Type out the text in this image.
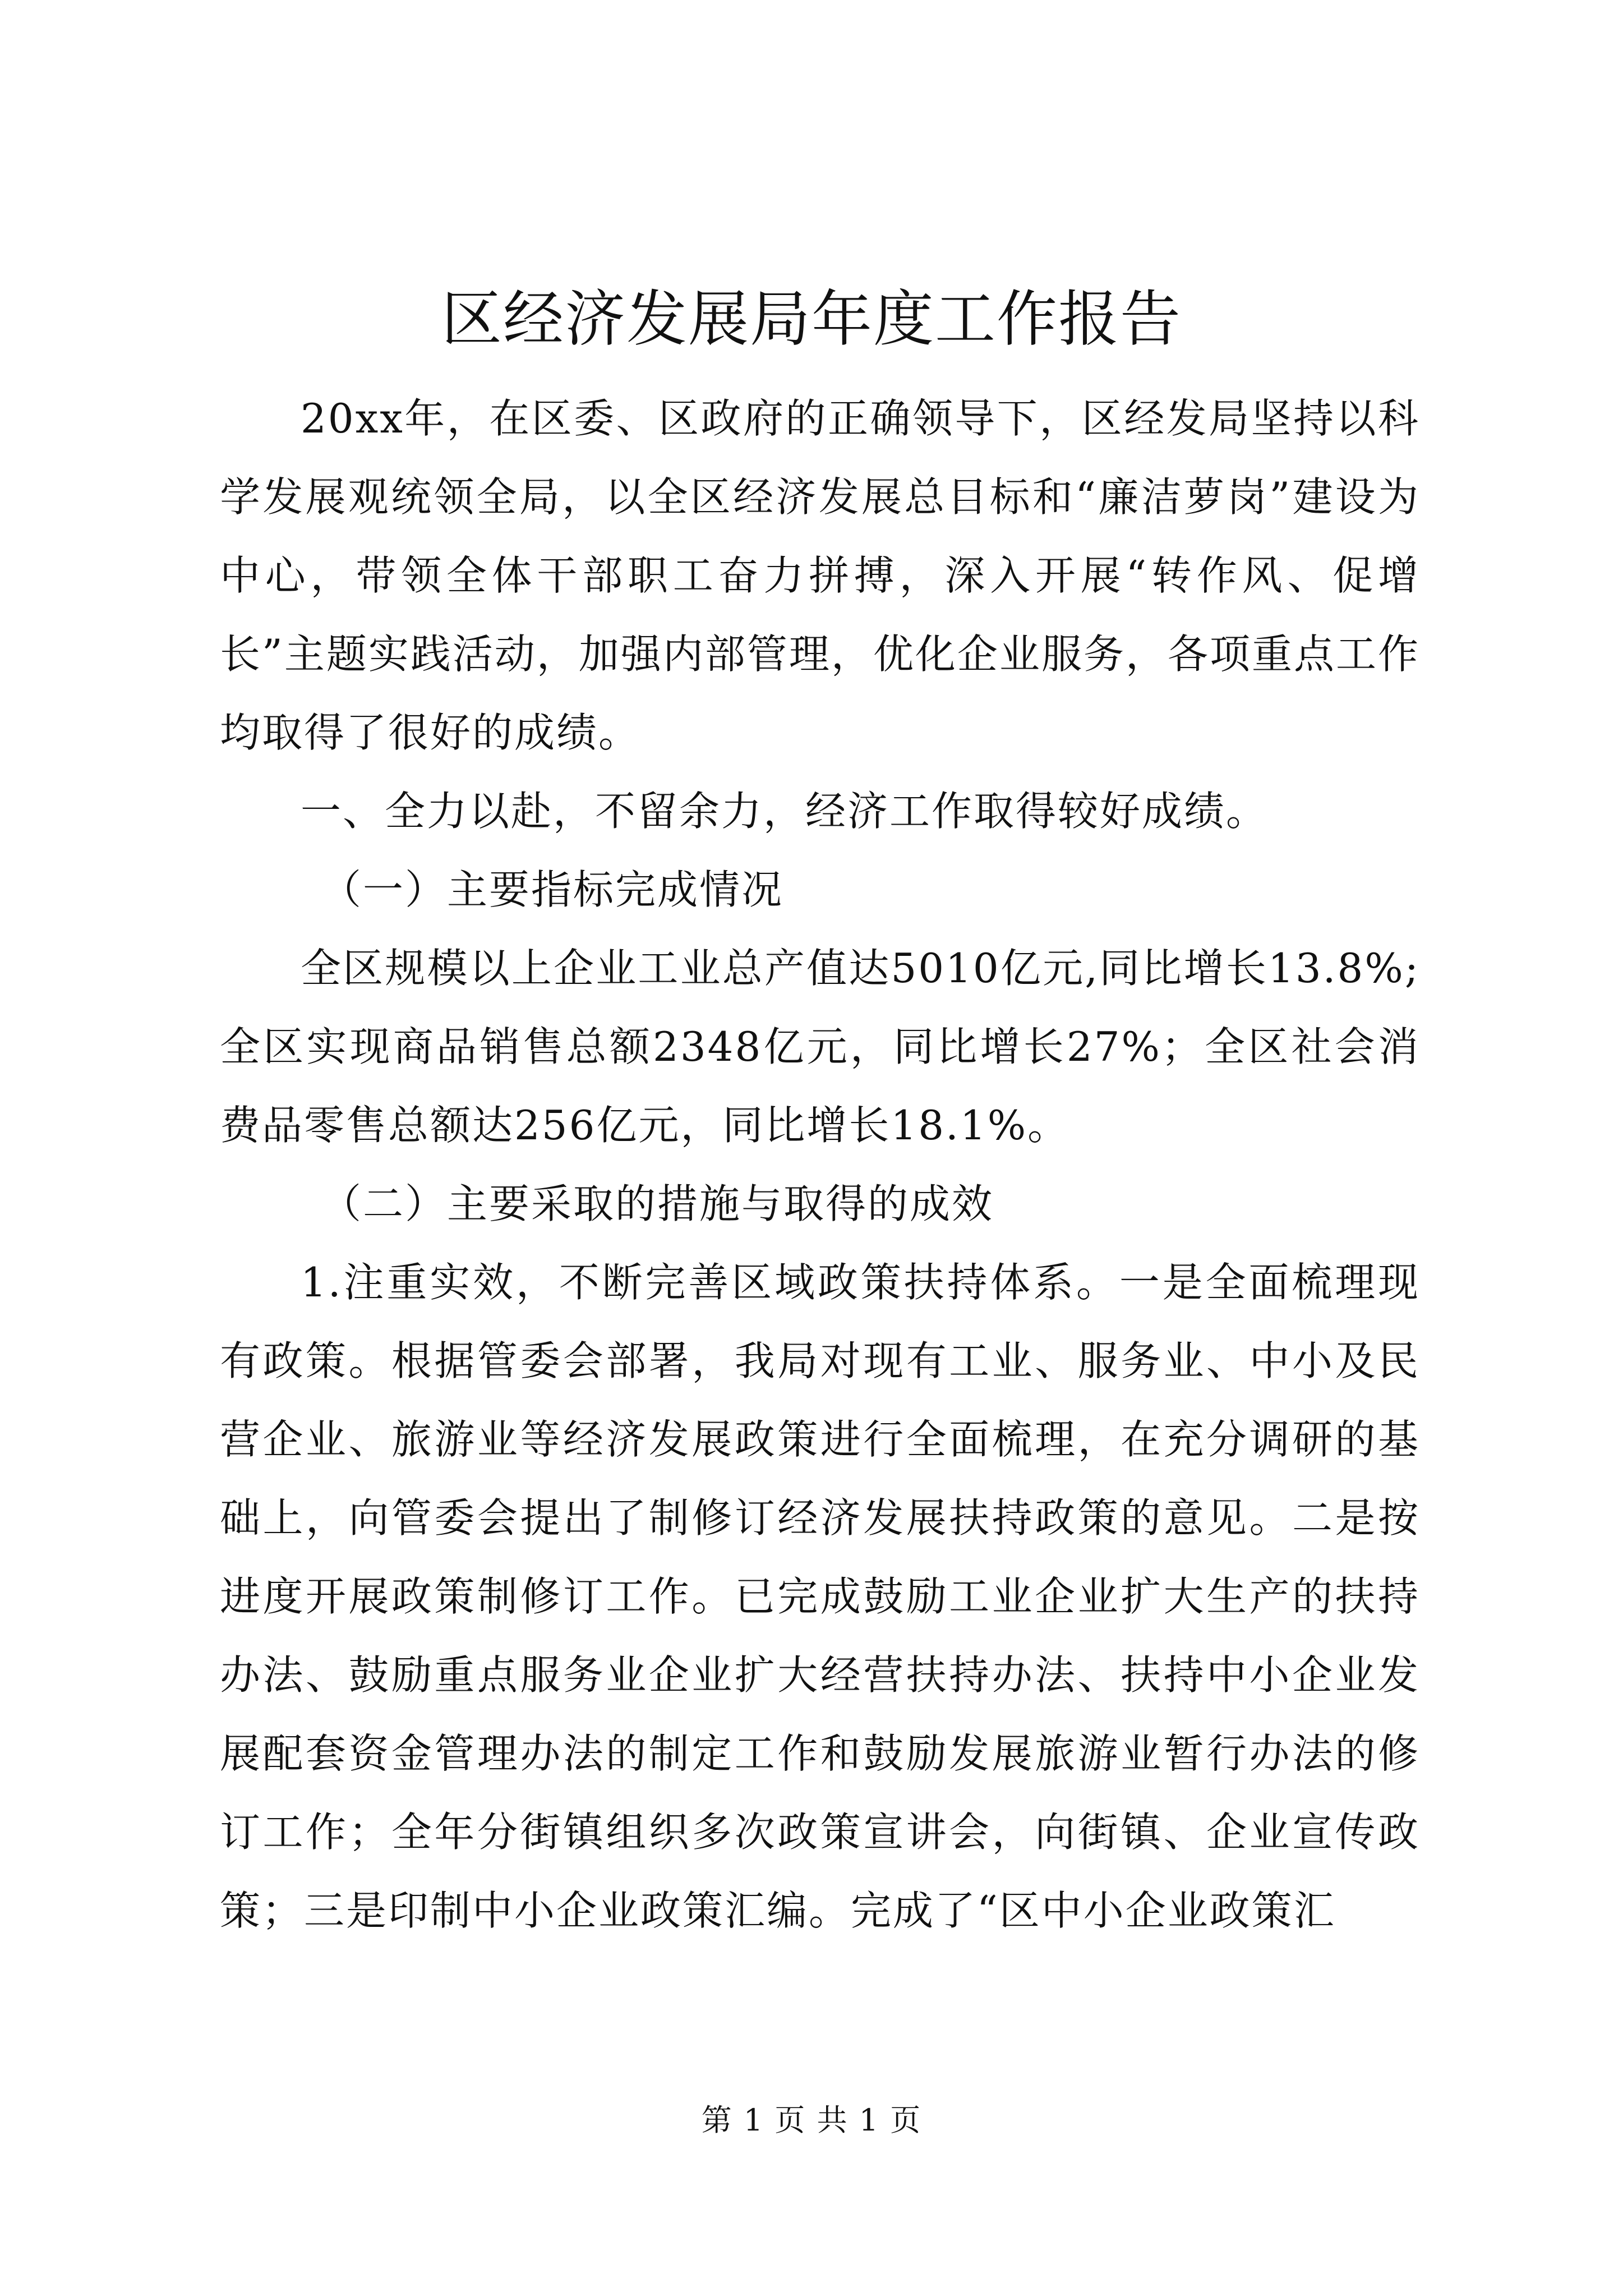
区经济发展局年度工作报告

20xx年，在区委、区政府的正确领导下，区经发局坚持以科学发展观统领全局，以全区经济发展总目标和“廉洁萝岗”建设为中心，带领全体干部职工奋力拼搏，深入开展“转作风、促增长”主题实践活动，加强内部管理，优化企业服务，各项重点工作均取得了很好的成绩。

一、全力以赴，不留余力，经济工作取得较好成绩。

（一）主要指标完成情况

全区规模以上企业工业总产值达5010亿元,同比增长13.8%;全区实现商品销售总额2348亿元，同比增长27%；全区社会消费品零售总额达256亿元，同比增长18.1%。

（二）主要采取的措施与取得的成效

1.注重实效，不断完善区域政策扶持体系。一是全面梳理现有政策。根据管委会部署，我局对现有工业、服务业、中小及民营企业、旅游业等经济发展政策进行全面梳理，在充分调研的基础上，向管委会提出了制修订经济发展扶持政策的意见。二是按进度开展政策制修订工作。已完成鼓励工业企业扩大生产的扶持办法、鼓励重点服务业企业扩大经营扶持办法、扶持中小企业发展配套资金管理办法的制定工作和鼓励发展旅游业暂行办法的修订工作；全年分街镇组织多次政策宣讲会，向街镇、企业宣传政策；三是印制中小企业政策汇编。完成了“区中小企业政策汇

第 1 页 共 1 页
